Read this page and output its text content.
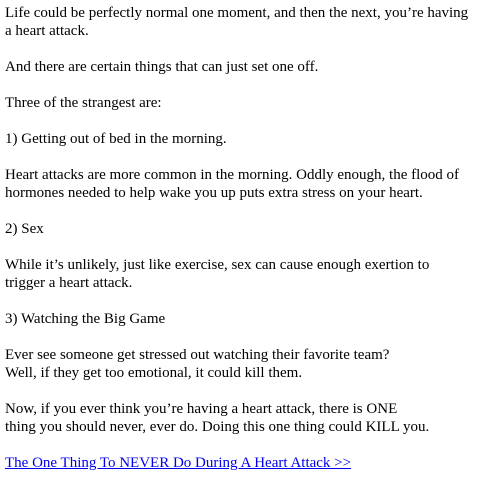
Life could be perfectly normal one moment, and then the next, you’re having
a heart attack.

And there are certain things that can just set one off.

Three of the strangest are:

1) Getting out of bed in the morning.

Heart attacks are more common in the morning. Oddly enough, the flood of
hormones needed to help wake you up puts extra stress on your heart.

2) Sex

While it’s unlikely, just like exercise, sex can cause enough exertion to
trigger a heart attack.

3) Watching the Big Game

Ever see someone get stressed out watching their favorite team?
Well, if they get too emotional, it could kill them.

Now, if you ever think you’re having a heart attack, there is ONE
thing you should never, ever do. Doing this one thing could KILL you.

The One Thing To NEVER Do During A Heart Attack >>
